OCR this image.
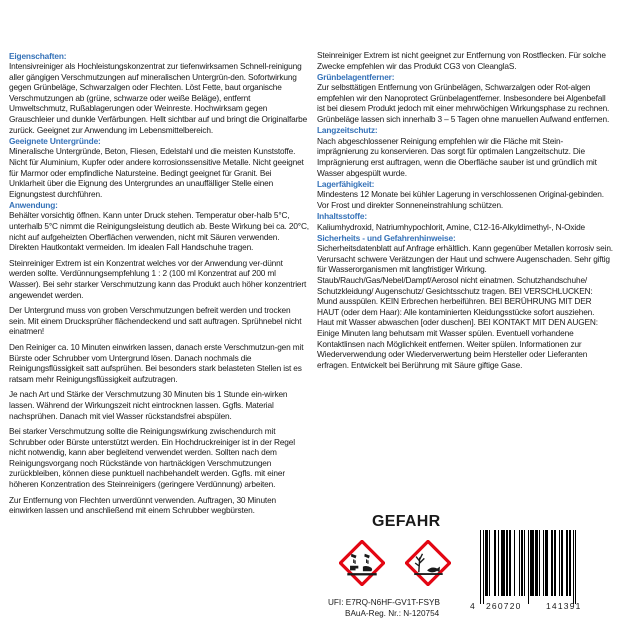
Eigenschaften:
Intensivreiniger als Hochleistungskonzentrat zur tiefenwirksamen Schnell-reinigung aller gängigen Verschmutzungen auf mineralischen Untergrün-den. Sofortwirkung gegen Grünbeläge, Schwarzalgen oder Flechten. Löst Fette, baut organische Verschmutzungen ab (grüne, schwarze oder weiße Beläge), entfernt Umweltschmutz, Rußablagerungen oder Weinreste. Hochwirksam gegen Grauschleier und dunkle Verfärbungen. Hellt sichtbar auf und bringt die Originalfarbe zurück. Geeignet zur Anwendung im Lebensmittelbereich.
Geeignete Untergründe:
Mineralische Untergründe, Beton, Fliesen, Edelstahl und die meisten Kunststoffe. Nicht für Aluminium, Kupfer oder andere korrosionssensitive Metalle. Nicht geeignet für Marmor oder empfindliche Natursteine. Bedingt geeignet für Granit. Bei Unklarheit über die Eignung des Untergrundes an unauffälliger Stelle einen Eignungstest durchführen.
Anwendung:
Behälter vorsichtig öffnen. Kann unter Druck stehen. Temperatur ober-halb 5°C, unterhalb 5°C nimmt die Reinigungsleistung deutlich ab. Beste Wirkung bei ca. 20°C, nicht auf aufgeheizten Oberflächen verwenden, nicht mit Säuren verwenden. Direkten Hautkontakt vermeiden. Im idealen Fall Handschuhe tragen.
Steinreiniger Extrem ist ein Konzentrat welches vor der Anwendung ver-dünnt werden sollte. Verdünnungsempfehlung 1 : 2 (100 ml Konzentrat auf 200 ml Wasser). Bei sehr starker Verschmutzung kann das Produkt auch höher konzentriert angewendet werden.
Der Untergrund muss von groben Verschmutzungen befreit werden und trocken sein. Mit einem Drucksprüher flächendeckend und satt auftragen. Sprühnebel nicht einatmen!
Den Reiniger ca. 10 Minuten einwirken lassen, danach erste Verschmutzun-gen mit Bürste oder Schrubber vom Untergrund lösen. Danach nochmals die Reinigungsflüssigkeit satt aufsprühen. Bei besonders stark belasteten Stellen ist es ratsam mehr Reinigungsflüssigkeit aufzutragen.
Je nach Art und Stärke der Verschmutzung 30 Minuten bis 1 Stunde ein-wirken lassen. Während der Wirkungszeit nicht eintrocknen lassen. Ggfls. Material nachsprühen. Danach mit viel Wasser rückstandsfrei abspülen.
Bei starker Verschmutzung sollte die Reinigungswirkung zwischendurch mit Schrubber oder Bürste unterstützt werden. Ein Hochdruckreiniger ist in der Regel nicht notwendig, kann aber begleitend verwendet werden. Sollten nach dem Reinigungsvorgang noch Rückstände von hartnäckigen Verschmutzungen zurückbleiben, können diese punktuell nachbehandelt werden. Ggfls. mit einer höheren Konzentration des Steinreinigers (geringere Verdünnung) arbeiten.
Zur Entfernung von Flechten unverdünnt verwenden. Auftragen, 30 Minuten einwirken lassen und anschließend mit einem Schrubber wegbürsten.
Steinreiniger Extrem ist nicht geeignet zur Entfernung von Rostflecken. Für solche Zwecke empfehlen wir das Produkt CG3 von CleanglaS.
Grünbelagentferner:
Zur selbsttätigen Entfernung von Grünbelägen, Schwarzalgen oder Rot-algen empfehlen wir den Nanoprotect Grünbelagentferner. Insbesondere bei Algenbefall ist bei diesem Produkt jedoch mit einer mehrwöchigen Wirkungsphase zu rechnen. Grünbeläge lassen sich innerhalb 3 – 5 Tagen ohne manuellen Aufwand entfernen.
Langzeitschutz:
Nach abgeschlossener Reinigung empfehlen wir die Fläche mit Stein-imprägnierung zu konservieren. Das sorgt für optimalen Langzeitschutz. Die Imprägnierung erst auftragen, wenn die Oberfläche sauber ist und gründlich mit Wasser abgespült wurde.
Lagerfähigkeit:
Mindestens 12 Monate bei kühler Lagerung in verschlossenen Original-gebinden. Vor Frost und direkter Sonneneinstrahlung schützen.
Inhaltsstoffe:
Kaliumhydroxid, Natriumhypochlorit, Amine, C12-16-Alkyldimethyl-, N-Oxide
Sicherheits - und Gefahrenhinweise:
Sicherheitsdatenblatt auf Anfrage erhältlich. Kann gegenüber Metallen korrosiv sein. Verursacht schwere Verätzungen der Haut und schwere Augenschaden. Sehr giftig für Wasserorganismen mit langfristiger Wirkung. Staub/Rauch/Gas/Nebel/Dampf/Aerosol nicht einatmen. Schutzhandschuhe/ Schutzkleidung/ Augenschutz/ Gesichtsschutz tragen. BEI VERSCHLUCKEN: Mund ausspülen. KEIN Erbrechen herbeiführen. BEI BERÜHRUNG MIT DER HAUT (oder dem Haar): Alle kontaminierten Kleidungsstücke sofort ausziehen. Haut mit Wasser abwaschen [oder duschen]. BEI KONTAKT MIT DEN AUGEN: Einige Minuten lang behutsam mit Wasser spülen. Eventuell vorhandene Kontaktlinsen nach Möglichkeit entfernen. Weiter spülen. Informationen zur Wiederverwendung oder Wiederverwertung beim Hersteller oder Lieferanten erfragen. Entwickelt bei Berührung mit Säure giftige Gase.
GEFAHR
UFI: E7RQ-N6HF-GV1T-FSYB
BAuA-Reg. Nr.: N-120754
4 260720	141391
